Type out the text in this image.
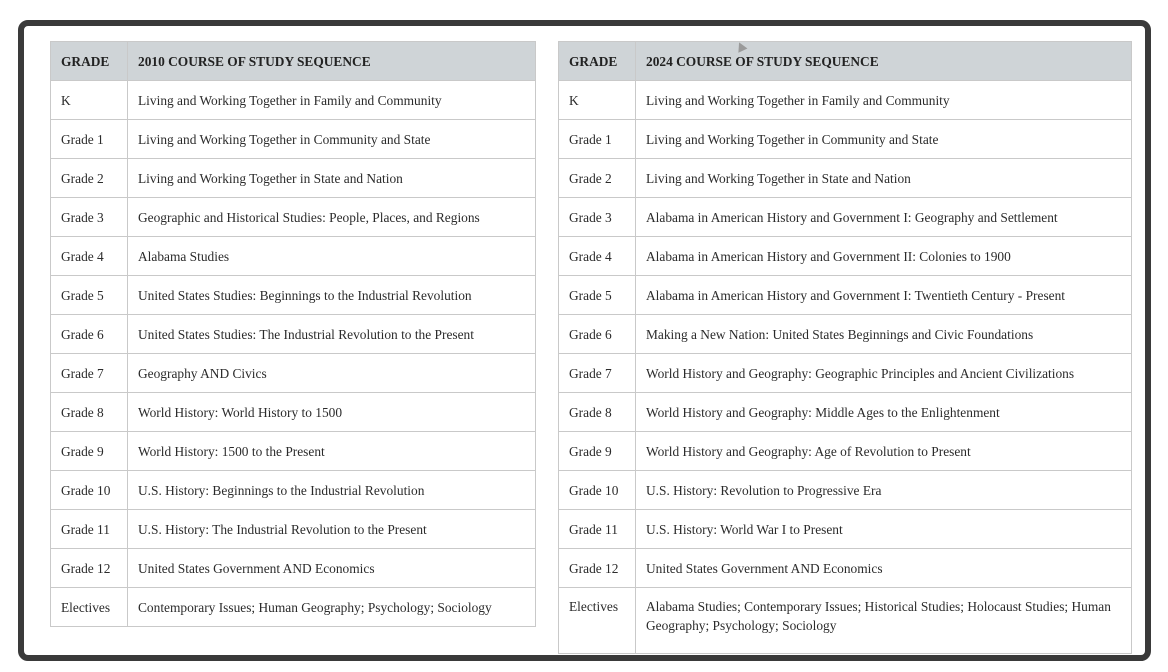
GRADE	2010 COURSE OF STUDY SEQUENCE
K	Living and Working Together in Family and Community
Grade 1	Living and Working Together in Community and State
Grade 2	Living and Working Together in State and Nation
Grade 3	Geographic and Historical Studies: People, Places, and Regions
Grade 4	Alabama Studies
Grade 5	United States Studies: Beginnings to the Industrial Revolution
Grade 6	United States Studies: The Industrial Revolution to the Present
Grade 7	Geography AND Civics
Grade 8	World History: World History to 1500
Grade 9	World History: 1500 to the Present
Grade 10	U.S. History: Beginnings to the Industrial Revolution
Grade 11	U.S. History: The Industrial Revolution to the Present
Grade 12	United States Government AND Economics
Electives	Contemporary Issues; Human Geography; Psychology; Sociology
GRADE	2024 COURSE OF STUDY SEQUENCE
K	Living and Working Together in Family and Community
Grade 1	Living and Working Together in Community and State
Grade 2	Living and Working Together in State and Nation
Grade 3	Alabama in American History and Government I: Geography and Settlement
Grade 4	Alabama in American History and Government II: Colonies to 1900
Grade 5	Alabama in American History and Government I: Twentieth Century - Present
Grade 6	Making a New Nation: United States Beginnings and Civic Foundations
Grade 7	World History and Geography: Geographic Principles and Ancient Civilizations
Grade 8	World History and Geography: Middle Ages to the Enlightenment
Grade 9	World History and Geography: Age of Revolution to Present
Grade 10	U.S. History: Revolution to Progressive Era
Grade 11	U.S. History: World War I to Present
Grade 12	United States Government AND Economics
Electives	Alabama Studies; Contemporary Issues; Historical Studies; Holocaust Studies; Human Geography; Psychology; Sociology
